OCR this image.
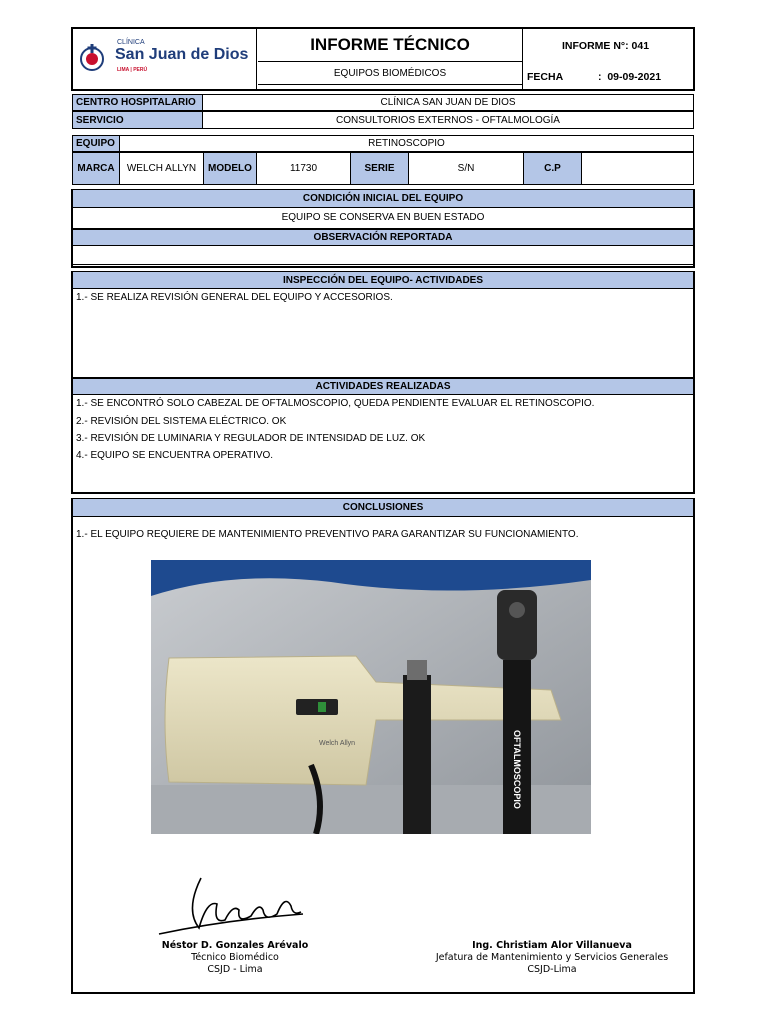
CLÍNICA
San Juan de Dios
LIMA | PERÚ
INFORME TÉCNICO
EQUIPOS BIOMÉDICOS
INFORME N°: 041
FECHA	:  09-09-2021
CENTRO HOSPITALARIO	CLÍNICA SAN JUAN DE DIOS
SERVICIO	CONSULTORIOS EXTERNOS - OFTALMOLOGÍA
EQUIPO	RETINOSCOPIO
MARCA	WELCH ALLYN	MODELO	11730	SERIE	S/N	C.P
CONDICIÓN INICIAL DEL EQUIPO
EQUIPO SE CONSERVA EN BUEN ESTADO
OBSERVACIÓN REPORTADA
INSPECCIÓN DEL EQUIPO- ACTIVIDADES
1.- SE REALIZA REVISIÓN GENERAL DEL EQUIPO Y ACCESORIOS.
ACTIVIDADES REALIZADAS
1.- SE ENCONTRÓ SOLO CABEZAL DE OFTALMOSCOPIO, QUEDA PENDIENTE EVALUAR EL RETINOSCOPIO.
2.- REVISIÓN DEL SISTEMA ELÉCTRICO. OK
3.- REVISIÓN DE LUMINARIA Y REGULADOR DE INTENSIDAD DE LUZ. OK
4.- EQUIPO SE ENCUENTRA OPERATIVO.
CONCLUSIONES
1.- EL EQUIPO REQUIERE DE MANTENIMIENTO PREVENTIVO PARA GARANTIZAR SU FUNCIONAMIENTO.
Welch Allyn	OFTALMOSCOPIO
Néstor D. Gonzales Arévalo
Técnico Biomédico
CSJD - Lima
Ing. Christiam Alor Villanueva
Jefatura de Mantenimiento y Servicios Generales
CSJD-Lima
